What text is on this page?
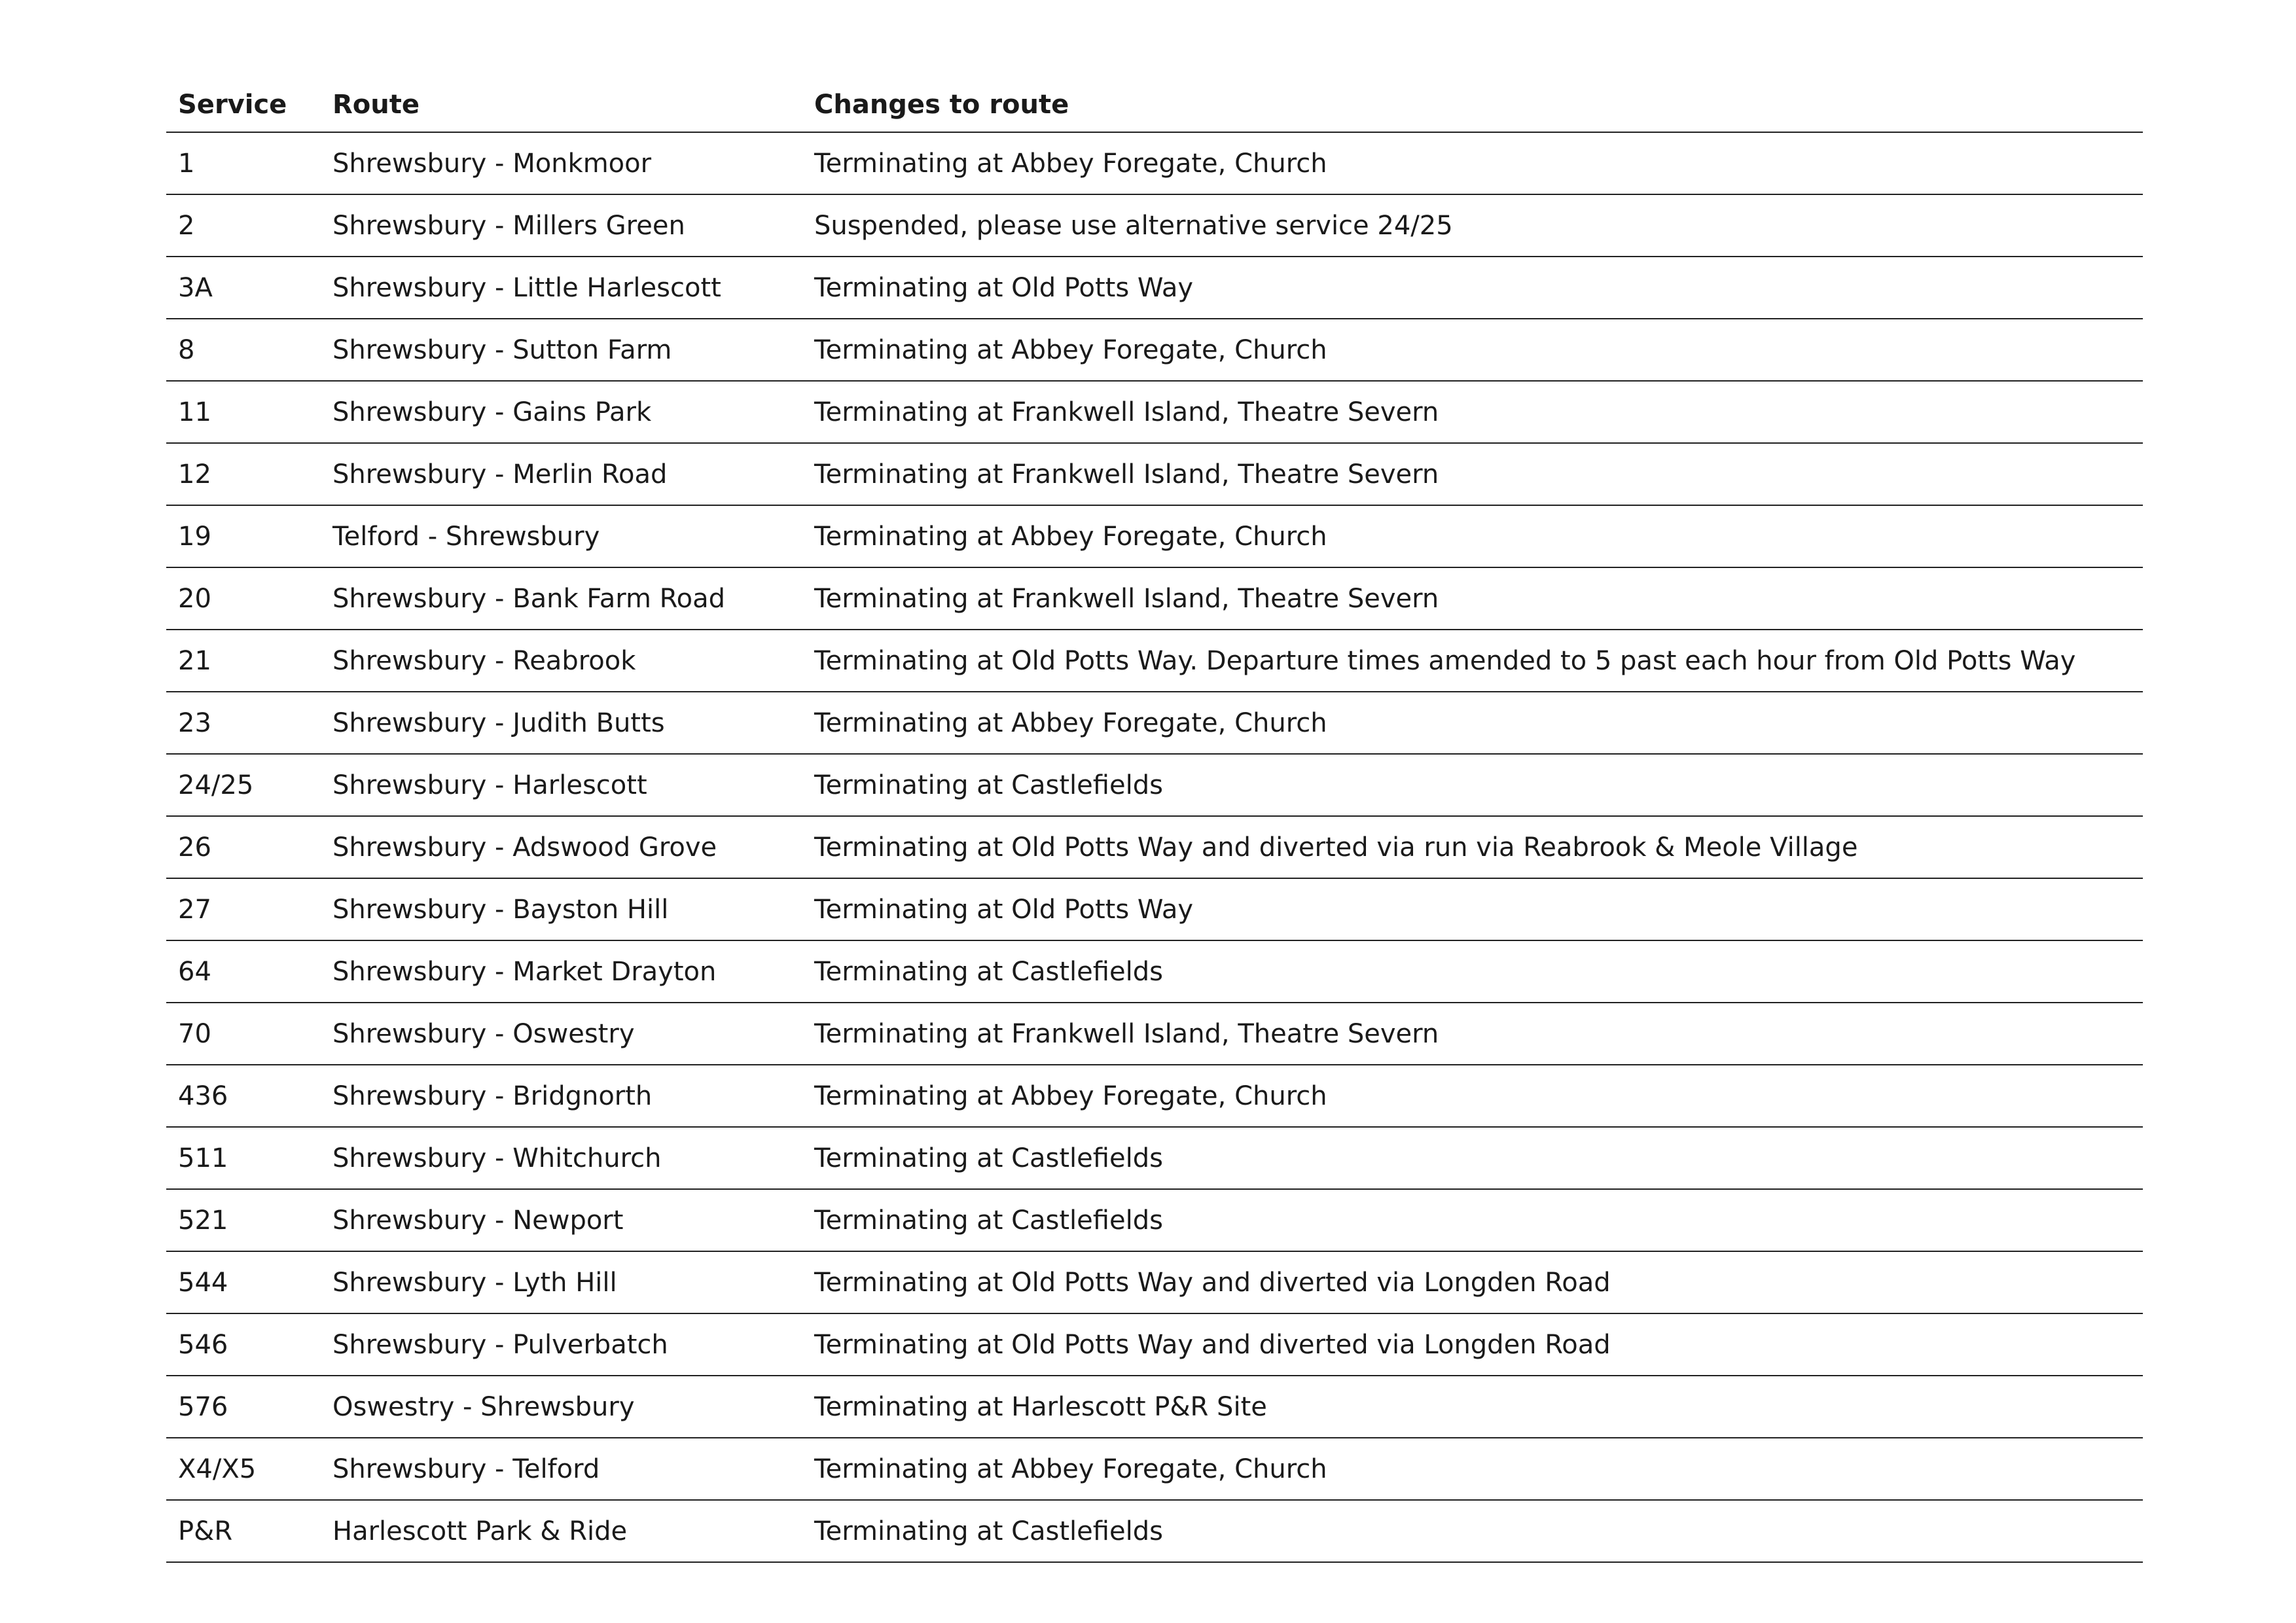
Service	Route	Changes to route
1	Shrewsbury - Monkmoor	Terminating at Abbey Foregate, Church
2	Shrewsbury - Millers Green	Suspended, please use alternative service 24/25
3A	Shrewsbury - Little Harlescott	Terminating at Old Potts Way
8	Shrewsbury - Sutton Farm	Terminating at Abbey Foregate, Church
11	Shrewsbury - Gains Park	Terminating at Frankwell Island, Theatre Severn
12	Shrewsbury - Merlin Road	Terminating at Frankwell Island, Theatre Severn
19	Telford - Shrewsbury	Terminating at Abbey Foregate, Church
20	Shrewsbury - Bank Farm Road	Terminating at Frankwell Island, Theatre Severn
21	Shrewsbury - Reabrook	Terminating at Old Potts Way. Departure times amended to 5 past each hour from Old Potts Way
23	Shrewsbury - Judith Butts	Terminating at Abbey Foregate, Church
24/25	Shrewsbury - Harlescott	Terminating at Castlefields
26	Shrewsbury - Adswood Grove	Terminating at Old Potts Way and diverted via run via Reabrook & Meole Village
27	Shrewsbury - Bayston Hill	Terminating at Old Potts Way
64	Shrewsbury - Market Drayton	Terminating at Castlefields
70	Shrewsbury - Oswestry	Terminating at Frankwell Island, Theatre Severn
436	Shrewsbury - Bridgnorth	Terminating at Abbey Foregate, Church
511	Shrewsbury - Whitchurch	Terminating at Castlefields
521	Shrewsbury - Newport	Terminating at Castlefields
544	Shrewsbury - Lyth Hill	Terminating at Old Potts Way and diverted via Longden Road
546	Shrewsbury - Pulverbatch	Terminating at Old Potts Way and diverted via Longden Road
576	Oswestry - Shrewsbury	Terminating at Harlescott P&R Site
X4/X5	Shrewsbury - Telford	Terminating at Abbey Foregate, Church
P&R	Harlescott Park & Ride	Terminating at Castlefields
